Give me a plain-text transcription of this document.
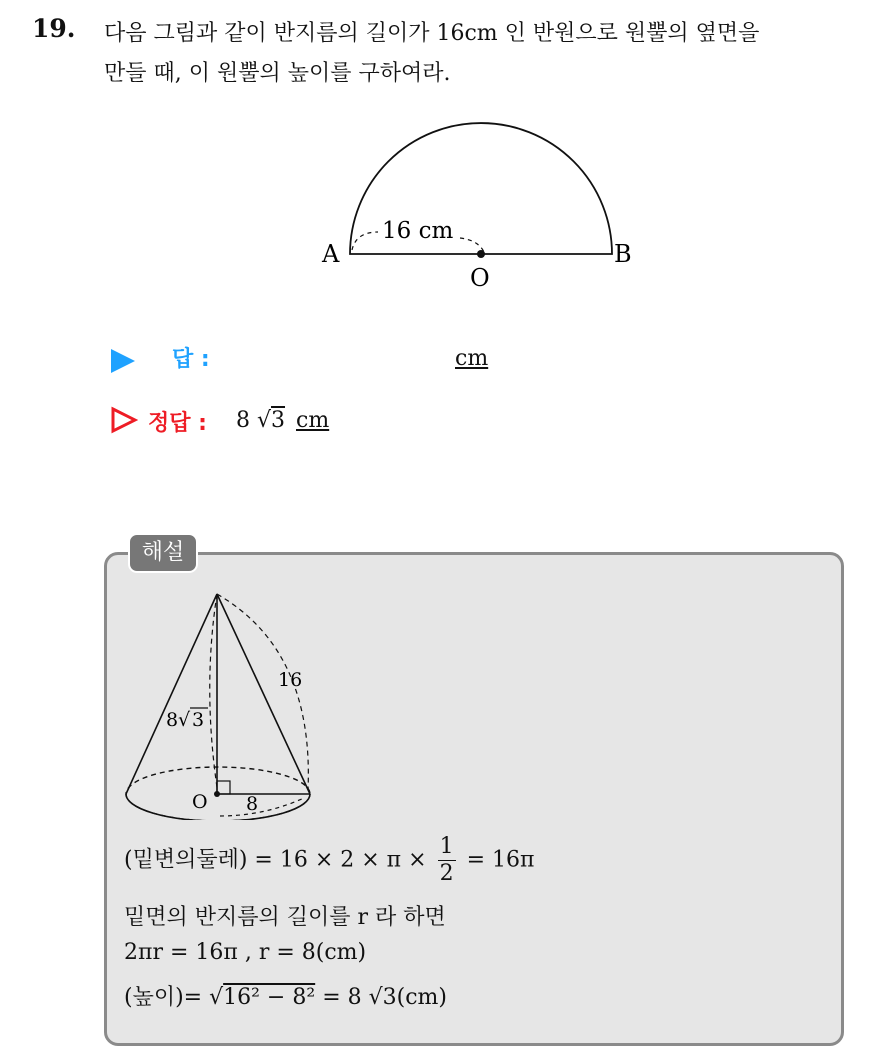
19. 다음 그림과 같이 반지름의 길이가 16cm 인 반원으로 원뿔의 옆면을
만들 때, 이 원뿔의 높이를 구하여라.
A	B
O
16 cm
답 :	cm
정답 : 8 √3 cm
해설
16
8 √ 3
8
O
(밑변의둘레) = $16 \times 2 \times \pi \times \frac{1}{2} = 16\pi$
밑면의 반지름의 길이를 r 라 하면
2πr = 16π , r = 8(cm)
(높이)= √16² − 8² = 8 √3(cm)
